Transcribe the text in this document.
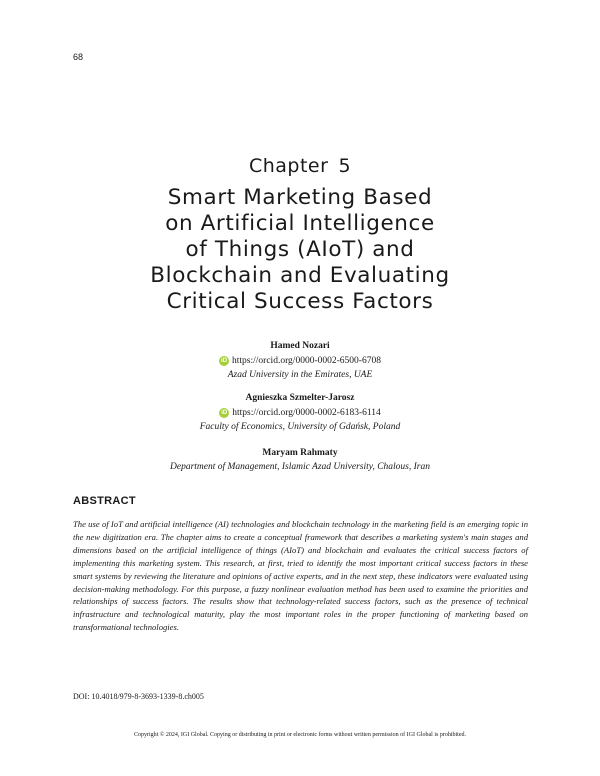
68
Chapter 5
Smart Marketing Based
on Artificial Intelligence
of Things (AIoT) and
Blockchain and Evaluating
Critical Success Factors
Hamed Nozari
iD https://orcid.org/0000-0002-6500-6708
Azad University in the Emirates, UAE
Agnieszka Szmelter-Jarosz
iD https://orcid.org/0000-0002-6183-6114
Faculty of Economics, University of Gdańsk, Poland
Maryam Rahmaty
Department of Management, Islamic Azad University, Chalous, Iran
ABSTRACT
The use of IoT and artificial intelligence (AI) technologies and blockchain technology in the marketing field is an emerging topic in the new digitization era. The chapter aims to create a conceptual framework that describes a marketing system's main stages and dimensions based on the artificial intelligence of things (AIoT) and blockchain and evaluates the critical success factors of implementing this marketing system. This research, at first, tried to identify the most important critical success factors in these smart systems by reviewing the literature and opinions of active experts, and in the next step, these indicators were evaluated using decision-making methodology. For this purpose, a fuzzy nonlinear evaluation method has been used to examine the priorities and relationships of success factors. The results show that technology-related success factors, such as the presence of technical infrastructure and technological maturity, play the most important roles in the proper functioning of marketing based on transformational technologies.
DOI: 10.4018/979-8-3693-1339-8.ch005
Copyright © 2024, IGI Global. Copying or distributing in print or electronic forms without written permission of IGI Global is prohibited.
